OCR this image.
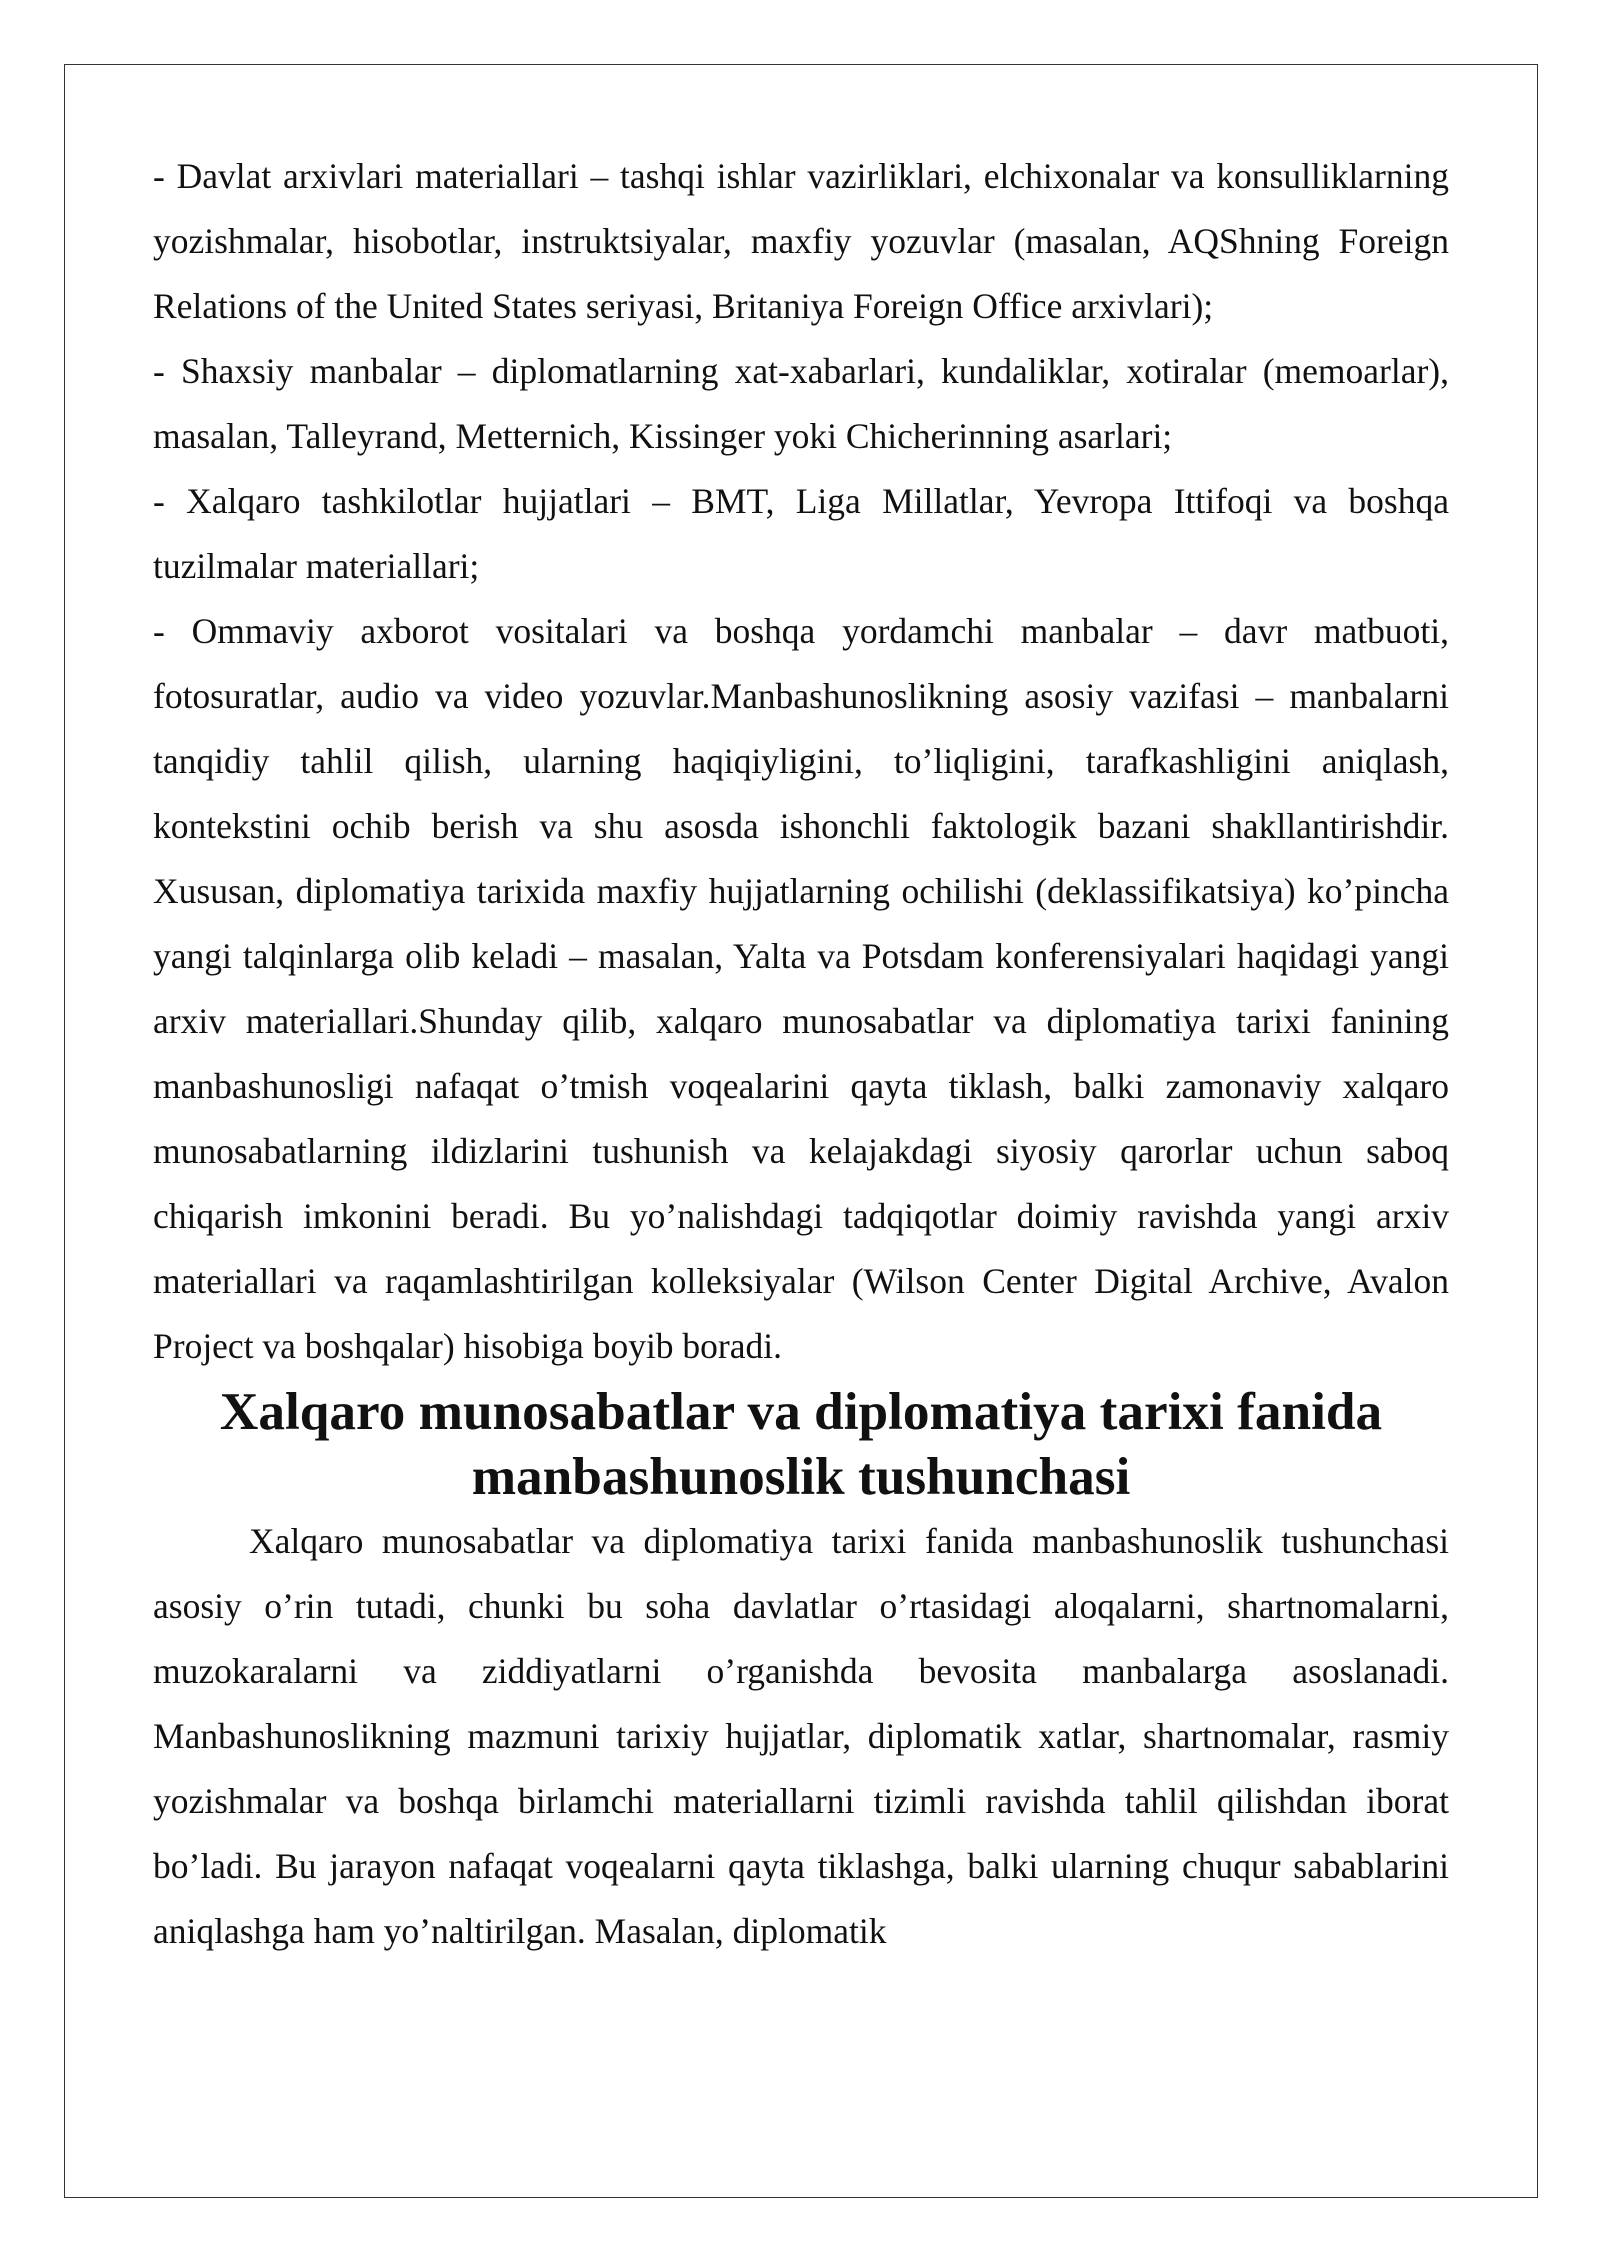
- Davlat arxivlari materiallari – tashqi ishlar vazirliklari, elchixonalar va konsulliklarning yozishmalar, hisobotlar, instruktsiyalar, maxfiy yozuvlar (masalan, AQShning Foreign Relations of the United States seriyasi, Britaniya Foreign Office arxivlari);

- Shaxsiy manbalar – diplomatlarning xat-xabarlari, kundaliklar, xotiralar (memoarlar), masalan, Talleyrand, Metternich, Kissinger yoki Chicherinning asarlari;

- Xalqaro tashkilotlar hujjatlari – BMT, Liga Millatlar, Yevropa Ittifoqi va boshqa tuzilmalar materiallari;

- Ommaviy axborot vositalari va boshqa yordamchi manbalar – davr matbuoti, fotosuratlar, audio va video yozuvlar.Manbashunoslikning asosiy vazifasi – manbalarni tanqidiy tahlil qilish, ularning haqiqiyligini, to’liqligini, tarafkashligini aniqlash, kontekstini ochib berish va shu asosda ishonchli faktologik bazani shakllantirishdir. Xususan, diplomatiya tarixida maxfiy hujjatlarning ochilishi (deklassifikatsiya) ko’pincha yangi talqinlarga olib keladi – masalan, Yalta va Potsdam konferensiyalari haqidagi yangi arxiv materiallari.Shunday qilib, xalqaro munosabatlar va diplomatiya tarixi fanining manbashunosligi nafaqat o’tmish voqealarini qayta tiklash, balki zamonaviy xalqaro munosabatlarning ildizlarini tushunish va kelajakdagi siyosiy qarorlar uchun saboq chiqarish imkonini beradi. Bu yo’nalishdagi tadqiqotlar doimiy ravishda yangi arxiv materiallari va raqamlashtirilgan kolleksiyalar (Wilson Center Digital Archive, Avalon Project va boshqalar) hisobiga boyib boradi.

Xalqaro munosabatlar va diplomatiya tarixi fanida manbashunoslik tushunchasi

Xalqaro munosabatlar va diplomatiya tarixi fanida manbashunoslik tushunchasi asosiy o’rin tutadi, chunki bu soha davlatlar o’rtasidagi aloqalarni, shartnomalarni, muzokaralarni va ziddiyatlarni o’rganishda bevosita manbalarga asoslanadi. Manbashunoslikning mazmuni tarixiy hujjatlar, diplomatik xatlar, shartnomalar, rasmiy yozishmalar va boshqa birlamchi materiallarni tizimli ravishda tahlil qilishdan iborat bo’ladi. Bu jarayon nafaqat voqealarni qayta tiklashga, balki ularning chuqur sabablarini aniqlashga ham yo’naltirilgan. Masalan, diplomatik
